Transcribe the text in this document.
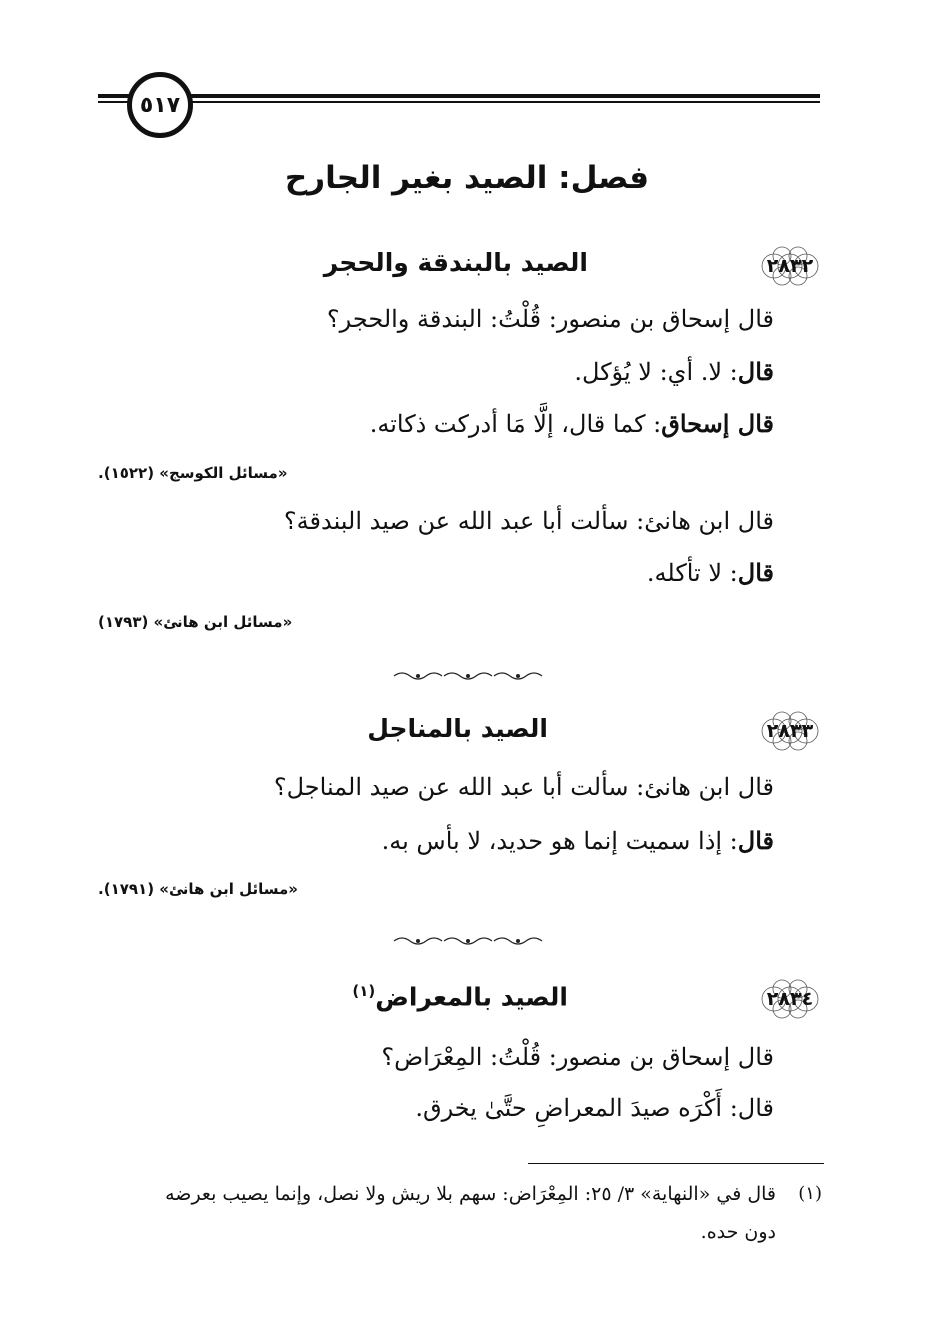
٥١٧
فصل: الصيد بغير الجارح
٢٨٣٢
الصيد بالبندقة والحجر
قال إسحاق بن منصور: قُلْتُ: البندقة والحجر؟
قال: لا. أي: لا يُؤكل.
قال إسحاق: كما قال، إلَّا مَا أدركت ذكاته.
«مسائل الكوسج» (١٥٢٢).
قال ابن هانئ: سألت أبا عبد الله عن صيد البندقة؟
قال: لا تأكله.
«مسائل ابن هانئ» (١٧٩٣)
٢٨٣٣
الصيد بالمناجل
قال ابن هانئ: سألت أبا عبد الله عن صيد المناجل؟
قال: إذا سميت إنما هو حديد، لا بأس به.
«مسائل ابن هانئ» (١٧٩١).
٢٨٣٤
الصيد بالمعراض$^{(١)}$
قال إسحاق بن منصور: قُلْتُ: المِعْرَاض؟
قال: أَكْرَه صيدَ المعراضِ حتَّىٰ يخرق.
(١)
قال في «النهاية» ٣/ ٢٥: المِعْرَاض: سهم بلا ريش ولا نصل، وإنما يصيب بعرضه
دون حده.
